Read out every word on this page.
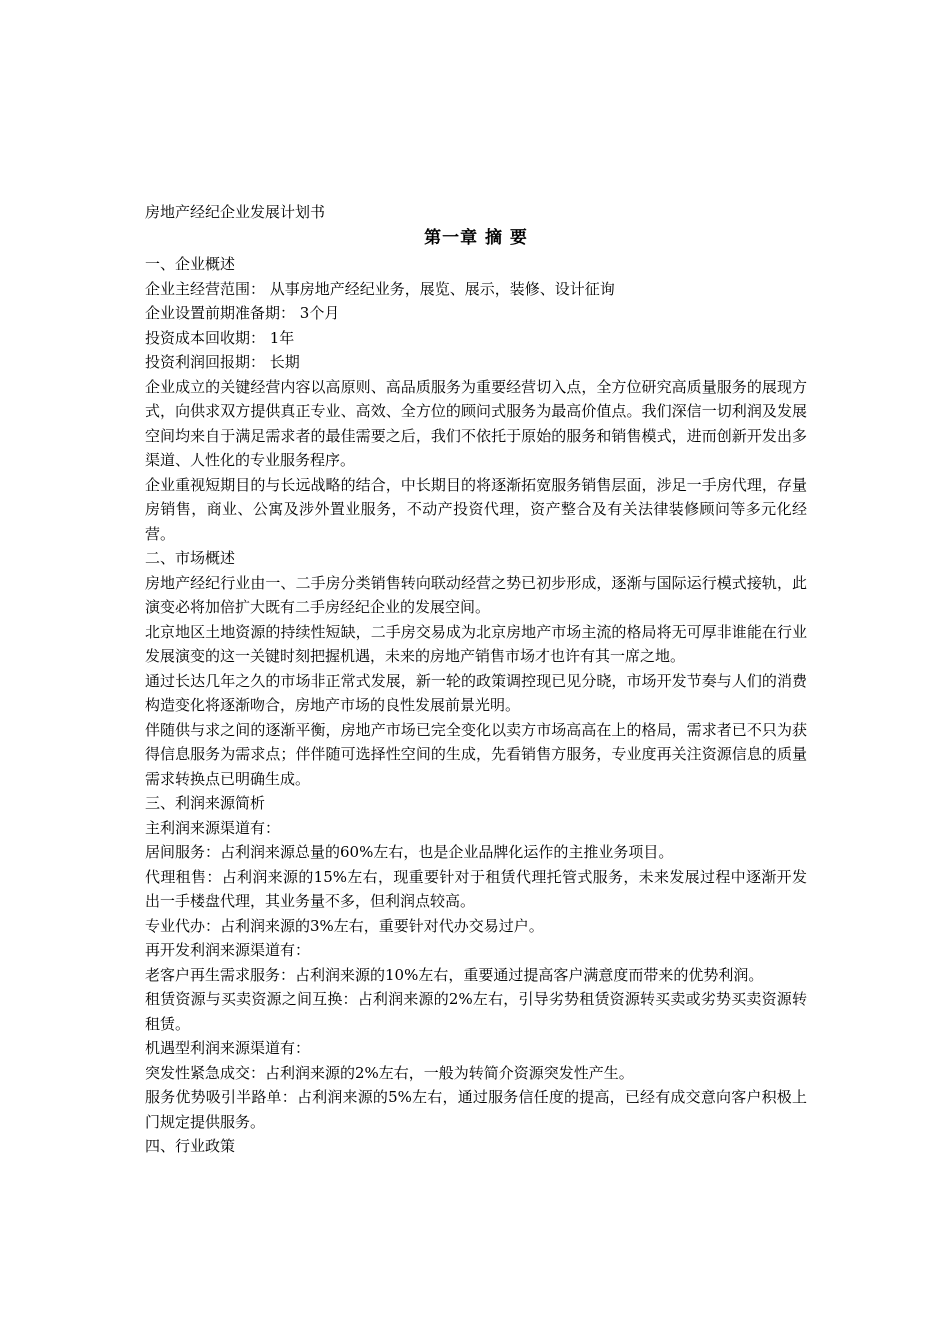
房地产经纪企业发展计划书

第一章 摘 要

一、企业概述

企业主经营范围： 从事房地产经纪业务，展览、展示，装修、设计征询

企业设置前期准备期： 3个月

投资成本回收期： 1年

投资利润回报期： 长期

企业成立的关键经营内容以高原则、高品质服务为重要经营切入点，全方位研究高质量服务的展现方式，向供求双方提供真正专业、高效、全方位的顾问式服务为最高价值点。我们深信一切利润及发展空间均来自于满足需求者的最佳需要之后，我们不依托于原始的服务和销售模式，进而创新开发出多渠道、人性化的专业服务程序。

企业重视短期目的与长远战略的结合，中长期目的将逐渐拓宽服务销售层面，涉足一手房代理，存量房销售，商业、公寓及涉外置业服务，不动产投资代理，资产整合及有关法律装修顾问等多元化经营。

二、市场概述

房地产经纪行业由一、二手房分类销售转向联动经营之势已初步形成，逐渐与国际运行模式接轨，此演变必将加倍扩大既有二手房经纪企业的发展空间。

北京地区土地资源的持续性短缺，二手房交易成为北京房地产市场主流的格局将无可厚非谁能在行业发展演变的这一关键时刻把握机遇，未来的房地产销售市场才也许有其一席之地。

通过长达几年之久的市场非正常式发展，新一轮的政策调控现已见分晓，市场开发节奏与人们的消费构造变化将逐渐吻合，房地产市场的良性发展前景光明。

伴随供与求之间的逐渐平衡，房地产市场已完全变化以卖方市场高高在上的格局，需求者已不只为获得信息服务为需求点；伴伴随可选择性空间的生成，先看销售方服务，专业度再关注资源信息的质量需求转换点已明确生成。

三、利润来源简析

主利润来源渠道有：

居间服务：占利润来源总量的60%左右，也是企业品牌化运作的主推业务项目。

代理租售：占利润来源的15%左右，现重要针对于租赁代理托管式服务，未来发展过程中逐渐开发出一手楼盘代理，其业务量不多，但利润点较高。

专业代办：占利润来源的3%左右，重要针对代办交易过户。

再开发利润来源渠道有：

老客户再生需求服务：占利润来源的10%左右，重要通过提高客户满意度而带来的优势利润。

租赁资源与买卖资源之间互换：占利润来源的2%左右，引导劣势租赁资源转买卖或劣势买卖资源转租赁。

机遇型利润来源渠道有：

突发性紧急成交：占利润来源的2%左右，一般为转简介资源突发性产生。

服务优势吸引半路单：占利润来源的5%左右，通过服务信任度的提高，已经有成交意向客户积极上门规定提供服务。

四、行业政策
